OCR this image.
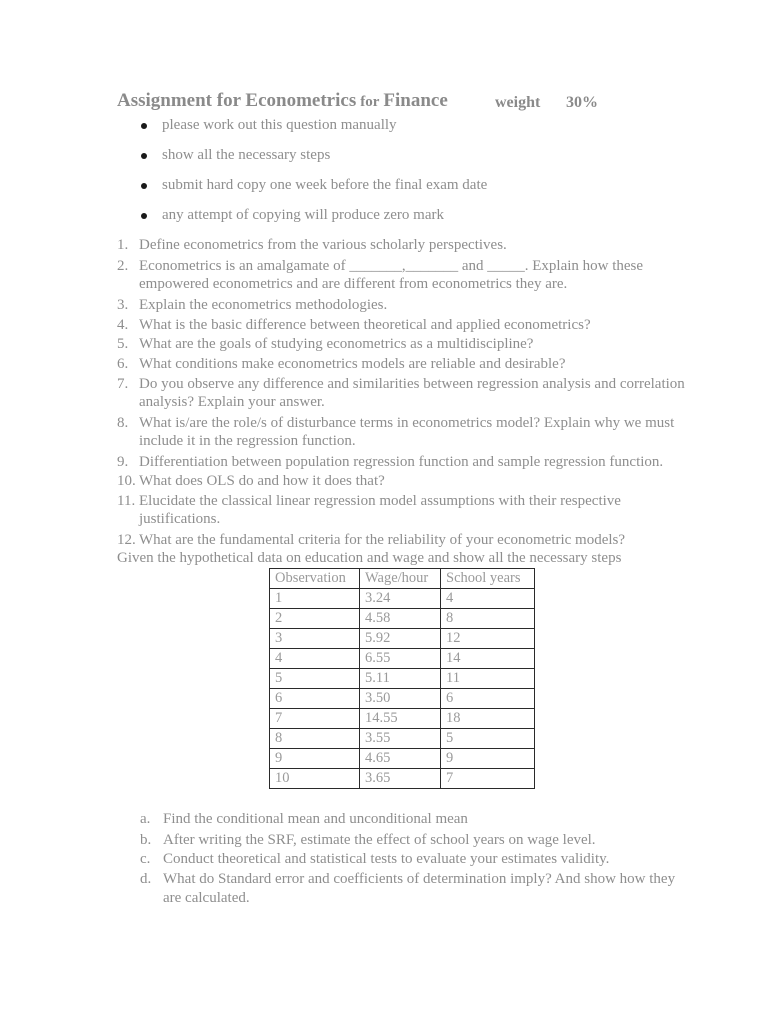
Assignment for Econometrics for Finance	weight 30%
please work out this question manually
show all the necessary steps
submit hard copy one week before the final exam date
any attempt of copying will produce zero mark
1. Define econometrics from the various scholarly perspectives.
2. Econometrics is an amalgamate of _______,_______ and _____. Explain how these
empowered econometrics and are different from econometrics they are.
3. Explain the econometrics methodologies.
4. What is the basic difference between theoretical and applied econometrics?
5. What are the goals of studying econometrics as a multidiscipline?
6. What conditions make econometrics models are reliable and desirable?
7. Do you observe any difference and similarities between regression analysis and correlation
analysis? Explain your answer.
8. What is/are the role/s of disturbance terms in econometrics model? Explain why we must
include it in the regression function.
9. Differentiation between population regression function and sample regression function.
10. What does OLS do and how it does that?
11. Elucidate the classical linear regression model assumptions with their respective
justifications.
12. What are the fundamental criteria for the reliability of your econometric models?
Given the hypothetical data on education and wage and show all the necessary steps
Observation	Wage/hour	School years
1	3.24	4
2	4.58	8
3	5.92	12
4	6.55	14
5	5.11	11
6	3.50	6
7	14.55	18
8	3.55	5
9	4.65	9
10	3.65	7
a. Find the conditional mean and unconditional mean
b. After writing the SRF, estimate the effect of school years on wage level.
c. Conduct theoretical and statistical tests to evaluate your estimates validity.
d. What do Standard error and coefficients of determination imply? And show how they
are calculated.
